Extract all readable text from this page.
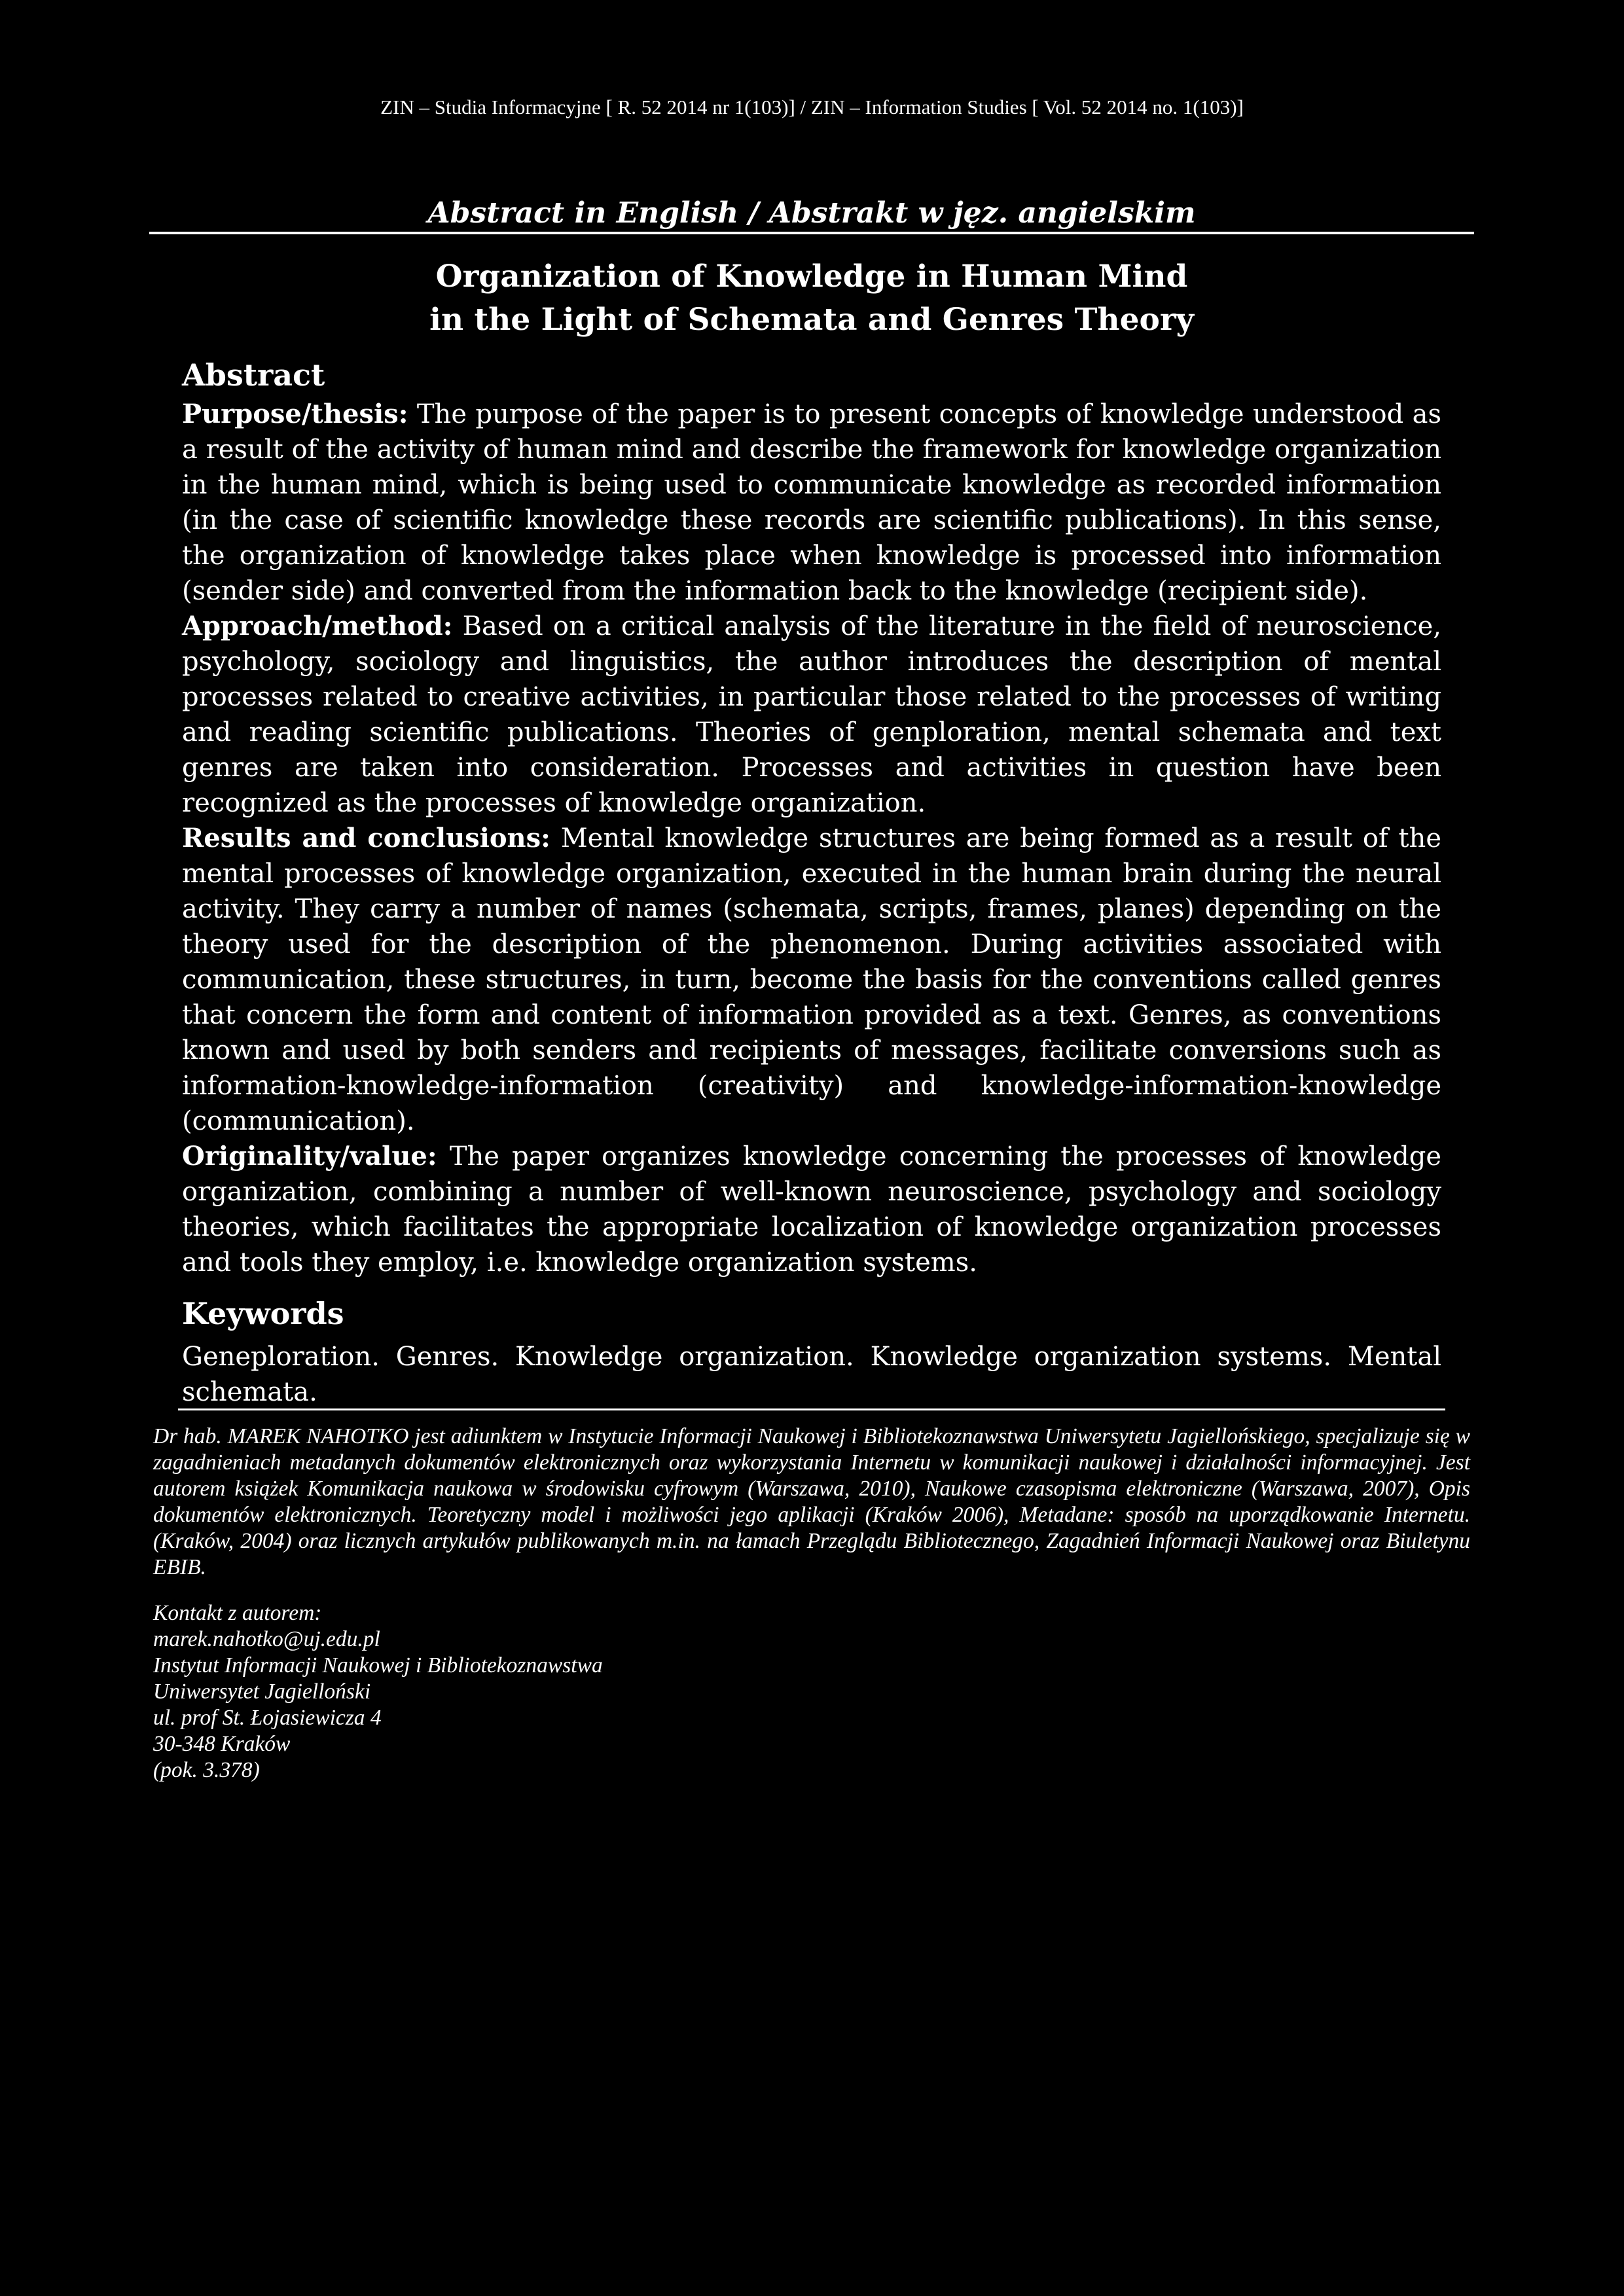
ZIN – Studia Informacyjne [ R. 52 2014 nr 1(103)] / ZIN – Information Studies [ Vol. 52 2014 no. 1(103)]
Abstract in English / Abstrakt w jęz. angielskim
Organization of Knowledge in Human Mind
in the Light of Schemata and Genres Theory

Abstract

Purpose/thesis: The purpose of the paper is to present concepts of knowledge understood as a result of the activity of human mind and describe the framework for knowledge organization in the human mind, which is being used to communicate knowledge as recorded information (in the case of scientific knowledge these records are scientific publications). In this sense, the organization of knowledge takes place when knowledge is processed into information (sender side) and converted from the information back to the knowledge (recipient side).

Approach/method: Based on a critical analysis of the literature in the field of neuroscience, psychology, sociology and linguistics, the author introduces the description of mental processes related to creative activities, in particular those related to the processes of writing and reading scientific publications. Theories of genploration, mental schemata and text genres are taken into consideration. Processes and activities in question have been recognized as the processes of knowledge organization.

Results and conclusions: Mental knowledge structures are being formed as a result of the mental processes of knowledge organization, executed in the human brain during the neural activity. They carry a number of names (schemata, scripts, frames, planes) depending on the theory used for the description of the phenomenon. During activities associated with communication, these structures, in turn, become the basis for the conventions called genres that concern the form and content of information provided as a text. Genres, as conventions known and used by both senders and recipients of messages, facilitate conversions such as information-knowledge-information (creativity) and knowledge-information-knowledge (communication).

Originality/value: The paper organizes knowledge concerning the processes of knowledge organization, combining a number of well-known neuroscience, psychology and sociology theories, which facilitates the appropriate localization of knowledge organization processes and tools they employ, i.e. knowledge organization systems.

Keywords

Geneploration. Genres. Knowledge organization. Knowledge organization systems. Mental schemata.

Dr hab. MAREK NAHOTKO jest adiunktem w Instytucie Informacji Naukowej i Bibliotekoznawstwa Uniwersytetu Jagiellońskiego, specjalizuje się w zagadnieniach metadanych dokumentów elektronicznych oraz wykorzystania Internetu w komunikacji naukowej i działalności informacyjnej. Jest autorem książek Komunikacja naukowa w środowisku cyfrowym (Warszawa, 2010), Naukowe czasopisma elektroniczne (Warszawa, 2007), Opis dokumentów elektronicznych. Teoretyczny model i możliwości jego aplikacji (Kraków 2006), Metadane: sposób na uporządkowanie Internetu. (Kraków, 2004) oraz licznych artykułów publikowanych m.in. na łamach Przeglądu Bibliotecznego, Zagadnień Informacji Naukowej oraz Biuletynu EBIB.
Kontakt z autorem:
marek.nahotko@uj.edu.pl
Instytut Informacji Naukowej i Bibliotekoznawstwa
Uniwersytet Jagielloński
ul. prof St. Łojasiewicza 4
30-348 Kraków
(pok. 3.378)
